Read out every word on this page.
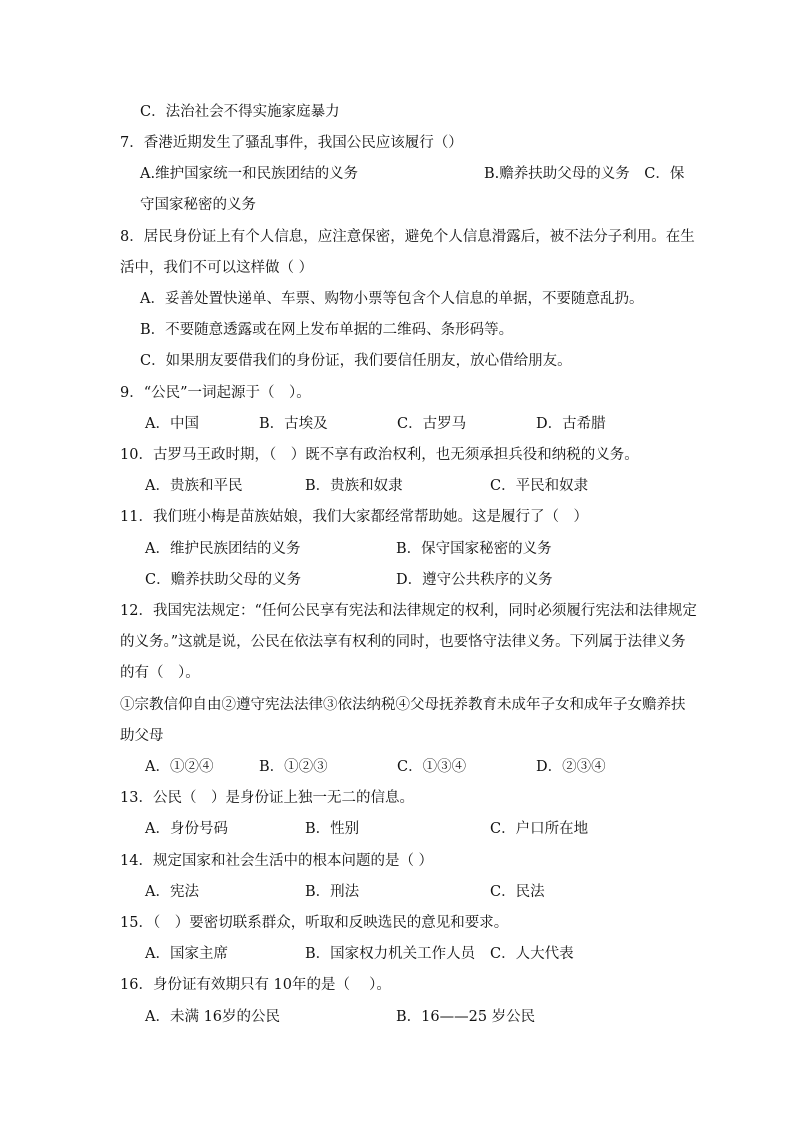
C．法治社会不得实施家庭暴力
7．香港近期发生了骚乱事件，我国公民应该履行（）
A.维护国家统一和民族团结的义务	B.赡养扶助父母的义务　C．保
守国家秘密的义务
8．居民身份证上有个人信息，应注意保密，避免个人信息滑露后，被不法分子利用。在生
活中，我们不可以这样做（ ）
A．妥善处置快递单、车票、购物小票等包含个人信息的单据，不要随意乱扔。
B．不要随意透露或在网上发布单据的二维码、条形码等。
C．如果朋友要借我们的身份证，我们要信任朋友，放心借给朋友。
9．“公民”一词起源于（　）。
A．中国	B．古埃及	C．古罗马	D．古希腊
10．古罗马王政时期，（　）既不享有政治权利，也无须承担兵役和纳税的义务。
A．贵族和平民	B．贵族和奴隶	C．平民和奴隶
11．我们班小梅是苗族姑娘，我们大家都经常帮助她。这是履行了（　）
A．维护民族团结的义务	B．保守国家秘密的义务
C．赡养扶助父母的义务	D．遵守公共秩序的义务
12．我国宪法规定：“任何公民享有宪法和法律规定的权利，同时必须履行宪法和法律规定
的义务。”这就是说，公民在依法享有权利的同时，也要恪守法律义务。下列属于法律义务
的有（　）。
①宗教信仰自由②遵守宪法法律③依法纳税④父母抚养教育未成年子女和成年子女赡养扶
助父母
A．①②④	B．①②③	C．①③④	D．②③④
13．公民（　）是身份证上独一无二的信息。
A．身份号码	B．性别	C．户口所在地
14．规定国家和社会生活中的根本问题的是（ ）
A．宪法	B．刑法	C．民法
15．（　）要密切联系群众，听取和反映选民的意见和要求。
A．国家主席	B．国家权力机关工作人员 C．人大代表
16．身份证有效期只有 10年的是（　 ）。
A．未满 16岁的公民	B．16——25 岁公民
